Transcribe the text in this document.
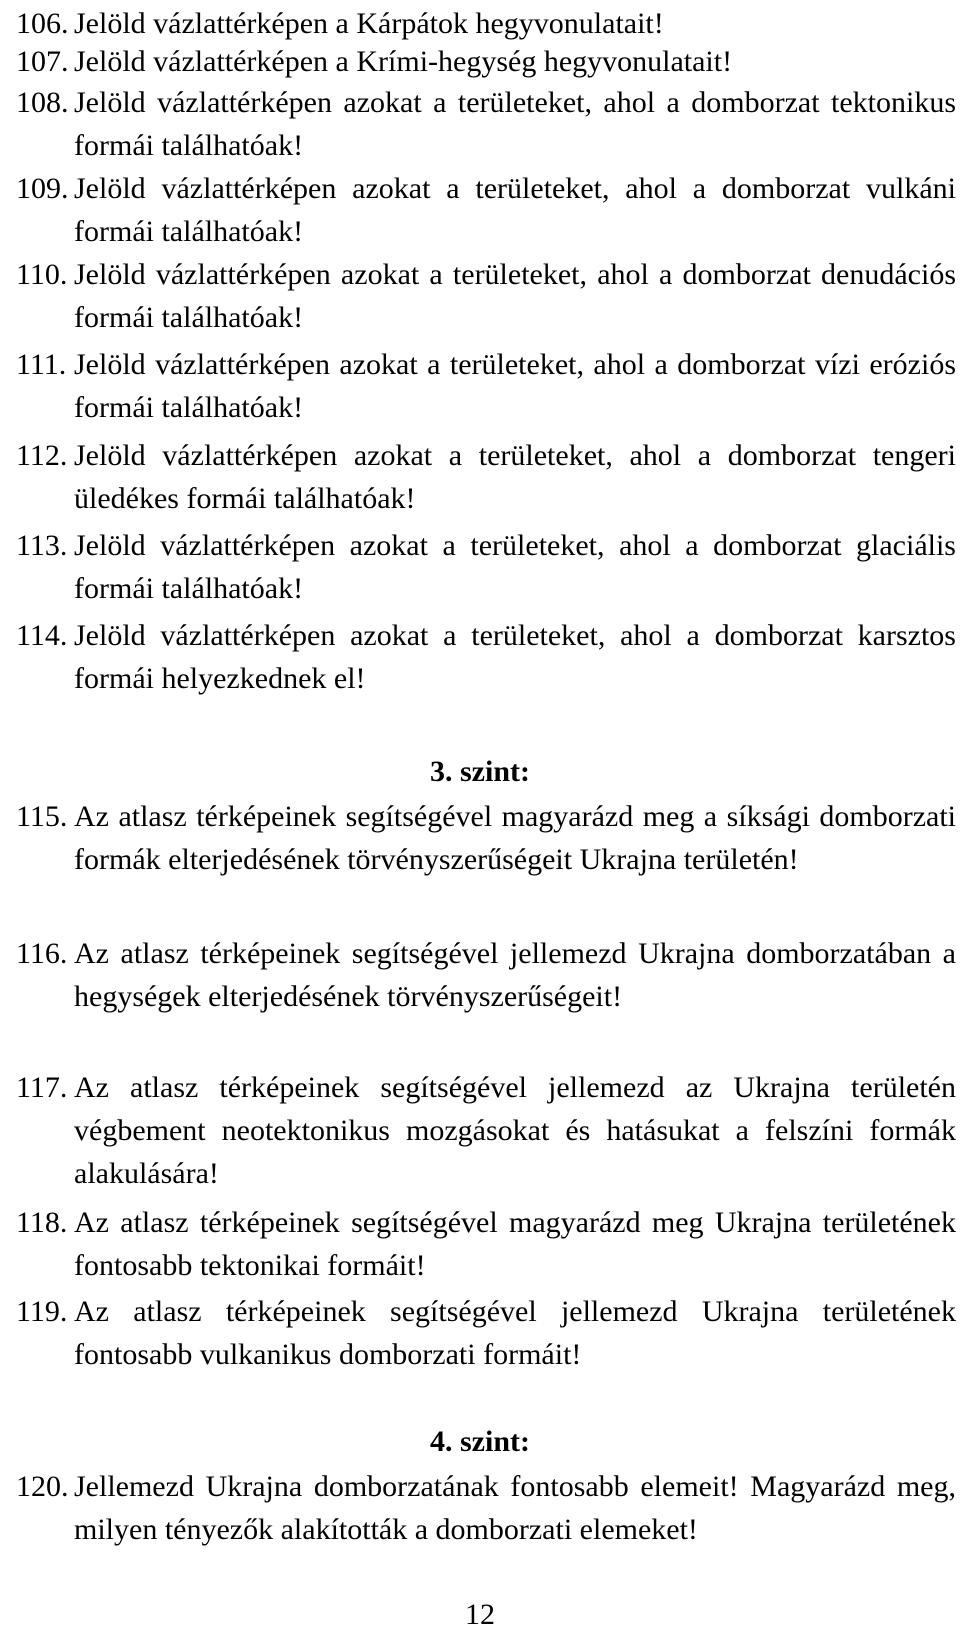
106. Jelöld vázlattérképen a Kárpátok hegyvonulatait!
107. Jelöld vázlattérképen a Krími-hegység hegyvonulatait!
108. Jelöld vázlattérképen azokat a területeket, ahol a domborzat tektonikus formái találhatóak!
109. Jelöld vázlattérképen azokat a területeket, ahol a domborzat vulkáni formái találhatóak!
110. Jelöld vázlattérképen azokat a területeket, ahol a domborzat denudációs formái találhatóak!
111. Jelöld vázlattérképen azokat a területeket, ahol a domborzat vízi eróziós formái találhatóak!
112. Jelöld vázlattérképen azokat a területeket, ahol a domborzat tengeri üledékes formái találhatóak!
113. Jelöld vázlattérképen azokat a területeket, ahol a domborzat glaciális formái találhatóak!
114. Jelöld vázlattérképen azokat a területeket, ahol a domborzat karsztos formái helyezkednek el!
3. szint:
115. Az atlasz térképeinek segítségével magyarázd meg a síksági domborzati formák elterjedésének törvényszerűségeit Ukrajna területén!
116. Az atlasz térképeinek segítségével jellemezd Ukrajna domborzatában a hegységek elterjedésének törvényszerűségeit!
117. Az atlasz térképeinek segítségével jellemezd az Ukrajna területén végbement neotektonikus mozgásokat és hatásukat a felszíni formák alakulására!
118. Az atlasz térképeinek segítségével magyarázd meg Ukrajna területének fontosabb tektonikai formáit!
119. Az atlasz térképeinek segítségével jellemezd Ukrajna területének fontosabb vulkanikus domborzati formáit!
4. szint:
120. Jellemezd Ukrajna domborzatának fontosabb elemeit! Magyarázd meg, milyen tényezők alakították a domborzati elemeket!
12
